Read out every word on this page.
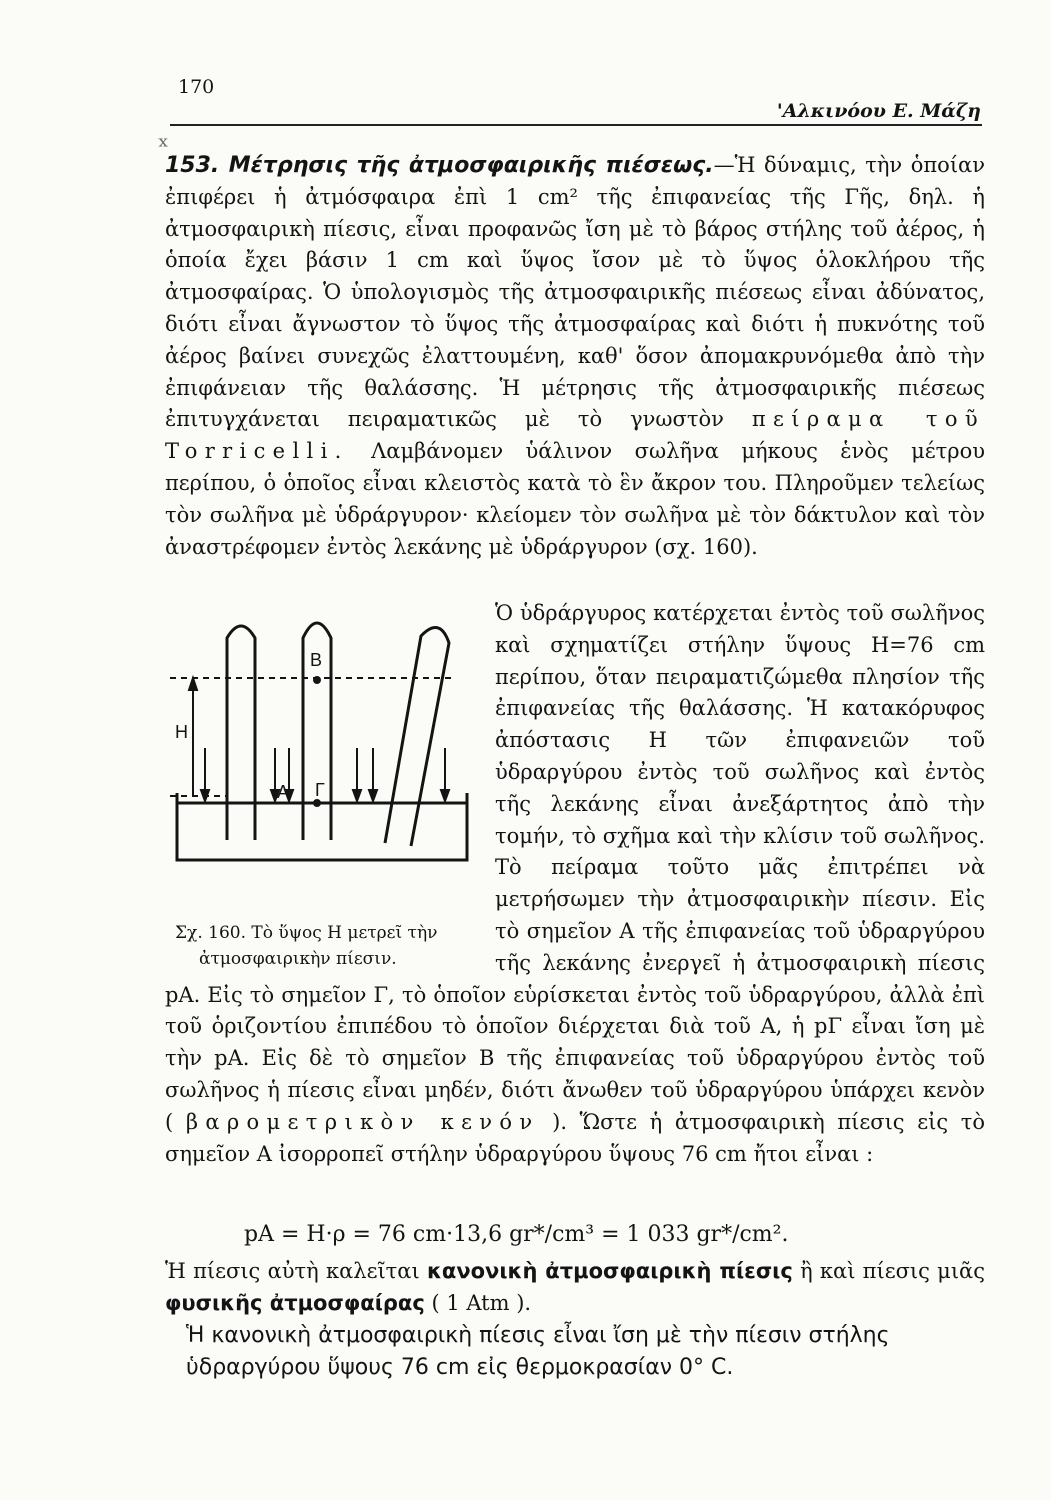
170
'Αλκινόου Ε. Μάζη
ˣ

153. Μέτρησις τῆς ἀτμοσφαιρικῆς πιέσεως.—Ἡ δύναμις, τὴν ὁποίαν ἐπιφέρει ἡ ἀτμόσφαιρα ἐπὶ 1 cm² τῆς ἐπιφανείας τῆς Γῆς, δηλ. ἡ ἀτμοσφαιρικὴ πίεσις, εἶναι προφανῶς ἴση μὲ τὸ βάρος στήλης τοῦ ἀέρος, ἡ ὁποία ἔχει βάσιν 1 cm καὶ ὕψος ἴσον μὲ τὸ ὕψος ὁλοκλήρου τῆς ἀτμοσφαίρας. Ὁ ὑπολογισμὸς τῆς ἀτμοσφαιρικῆς πιέσεως εἶναι ἀδύνατος, διότι εἶναι ἄγνωστον τὸ ὕψος τῆς ἀτμοσφαίρας καὶ διότι ἡ πυκνότης τοῦ ἀέρος βαίνει συνεχῶς ἐλαττουμένη, καθ' ὅσον ἀπομακρυνόμεθα ἀπὸ τὴν ἐπιφάνειαν τῆς θαλάσσης. Ἡ μέτρησις τῆς ἀτμοσφαιρικῆς πιέσεως ἐπιτυγχάνεται πειραματικῶς μὲ τὸ γνωστὸν πείραμα τοῦ Torricelli. Λαμβάνομεν ὑάλινον σωλῆνα μήκους ἑνὸς μέτρου περίπου, ὁ ὁποῖος εἶναι κλειστὸς κατὰ τὸ ἓν ἄκρον του. Πληροῦμεν τελείως τὸν σωλῆνα μὲ ὑδράργυρον· κλείομεν τὸν σωλῆνα μὲ τὸν δάκτυλον καὶ τὸν ἀναστρέφομεν ἐντὸς λεκάνης μὲ ὑδράργυρον (σχ. 160).

H
A
B
Γ
Σχ. 160. Τὸ ὕψος Η μετρεῖ τὴν
ἀτμοσφαιρικὴν πίεσιν.
Ὁ ὑδράργυρος κατέρχεται ἐντὸς τοῦ σωλῆνος καὶ σχηματίζει στήλην ὕψους Η=76 cm περίπου, ὅταν πειραματιζώμεθα πλησίον τῆς ἐπιφανείας τῆς θαλάσσης. Ἡ κατακόρυφος ἀπόστασις Η τῶν ἐπιφανειῶν τοῦ ὑδραργύρου ἐντὸς τοῦ σωλῆνος καὶ ἐντὸς τῆς λεκάνης εἶναι ἀνεξάρτητος ἀπὸ τὴν τομήν, τὸ σχῆμα καὶ τὴν κλίσιν τοῦ σωλῆνος. Τὸ πείραμα τοῦτο μᾶς ἐπιτρέπει νὰ μετρήσωμεν τὴν ἀτμοσφαιρικὴν πίεσιν. Εἰς τὸ σημεῖον Α τῆς ἐπιφανείας τοῦ ὑδραργύρου τῆς λεκάνης ἐνεργεῖ ἡ ἀτμοσφαιρικὴ πίεσις pΑ. Εἰς τὸ σημεῖον Γ, τὸ ὁποῖον εὑρίσκεται ἐντὸς τοῦ ὑδραργύρου, ἀλλὰ ἐπὶ τοῦ ὁριζοντίου ἐπιπέδου τὸ ὁποῖον διέρχεται διὰ τοῦ Α, ἡ pΓ εἶναι ἴση μὲ τὴν pΑ. Εἰς δὲ τὸ σημεῖον Β τῆς ἐπιφανείας τοῦ ὑδραργύρου ἐντὸς τοῦ σωλῆνος ἡ πίεσις εἶναι μηδέν, διότι ἄνωθεν τοῦ ὑδραργύρου ὑπάρχει κενὸν ( βαρομετρικὸν κενόν ). Ὥστε ἡ ἀτμοσφαιρικὴ πίεσις εἰς τὸ σημεῖον Α ἰσορροπεῖ στήλην ὑδραργύρου ὕψους 76 cm ἤτοι εἶναι :
pΑ = Η·ρ = 76 cm·13,6 gr*/cm³ = 1 033 gr*/cm².

Ἡ πίεσις αὐτὴ καλεῖται κανονικὴ ἀτμοσφαιρικὴ πίεσις ἢ καὶ πίεσις μιᾶς φυσικῆς ἀτμοσφαίρας ( 1 Atm ).

Ἡ κανονικὴ ἀτμοσφαιρικὴ πίεσις εἶναι ἴση μὲ τὴν πίεσιν στήλης ὑδραργύρου ὕψους 76 cm εἰς θερμοκρασίαν 0° C.
